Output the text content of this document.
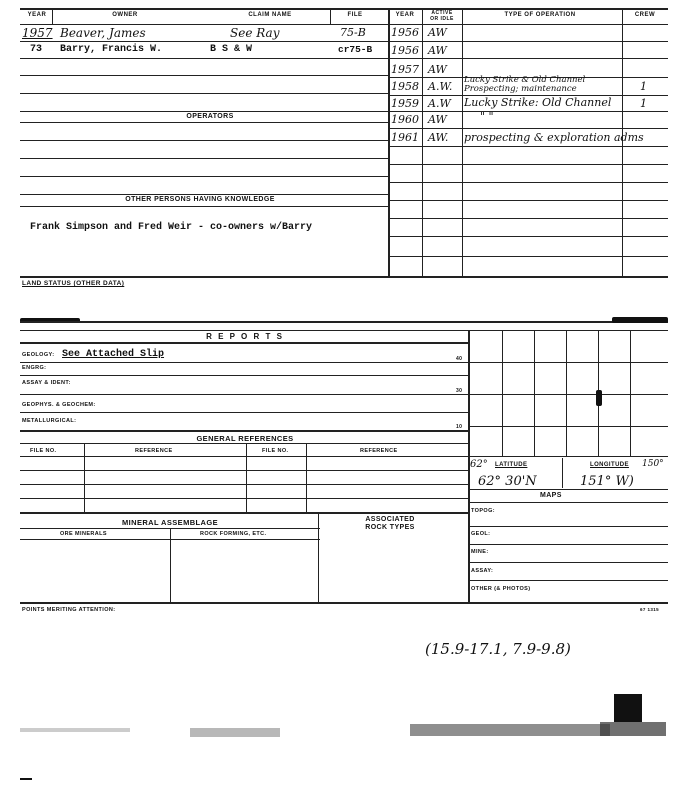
YEAR	OWNER	CLAIM NAME	FILE	YEAR	ACTIVE
OR IDLE
TYPE OF OPERATION	CREW
1957 Beaver, James	See Ray	75-B
73 Barry, Francis W.	B S & W	cr75-B
OPERATORS
OTHER PERSONS HAVING KNOWLEDGE
Frank Simpson and Fred Weir - co-owners w/Barry
1956 AW
1956 AW
1957 AW
1958 A.W. Lucky Strike & Old Channel Prospecting; maintenance	1
1959 A.W Lucky Strike: Old Channel	1
1960 AW	" "
1961 AW. prospecting & exploration adms
LAND STATUS (OTHER DATA)
R E P O R T S
GEOLOGY: See Attached Slip	40
ENGRG:
ASSAY & IDENT:
30
GEOPHYS. & GEOCHEM:
METALLURGICAL:
10
GENERAL REFERENCES
FILE NO.	REFERENCE	FILE NO.	REFERENCE
MINERAL ASSEMBLAGE	ASSOCIATED
ROCK TYPES
ORE MINERALS	ROCK FORMING, ETC.
62° LATITUDE	LONGITUDE 150°
62° 30'N	151° W)
MAPS
TOPOG:
GEOL:
MINE:
ASSAY:
OTHER (& PHOTOS)
POINTS MERITING ATTENTION:	67 1315
(15.9-17.1, 7.9-9.8)
